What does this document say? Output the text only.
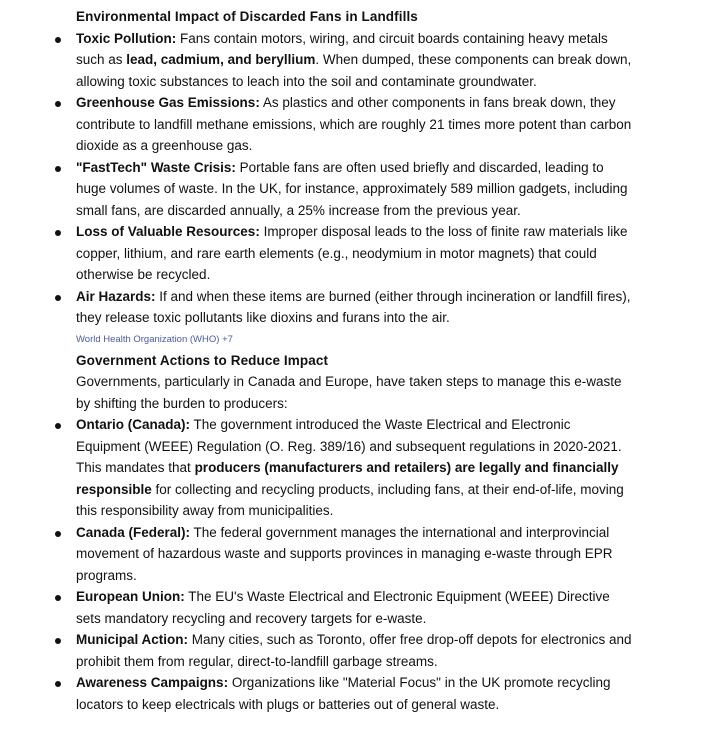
Environmental Impact of Discarded Fans in Landfills
Toxic Pollution: Fans contain motors, wiring, and circuit boards containing heavy metals such as lead, cadmium, and beryllium. When dumped, these components can break down, allowing toxic substances to leach into the soil and contaminate groundwater.
Greenhouse Gas Emissions: As plastics and other components in fans break down, they contribute to landfill methane emissions, which are roughly 21 times more potent than carbon dioxide as a greenhouse gas.
"FastTech" Waste Crisis: Portable fans are often used briefly and discarded, leading to huge volumes of waste. In the UK, for instance, approximately 589 million gadgets, including small fans, are discarded annually, a 25% increase from the previous year.
Loss of Valuable Resources: Improper disposal leads to the loss of finite raw materials like copper, lithium, and rare earth elements (e.g., neodymium in motor magnets) that could otherwise be recycled.
Air Hazards: If and when these items are burned (either through incineration or landfill fires), they release toxic pollutants like dioxins and furans into the air.
World Health Organization (WHO) +7
Government Actions to Reduce Impact
Governments, particularly in Canada and Europe, have taken steps to manage this e-waste by shifting the burden to producers:
Ontario (Canada): The government introduced the Waste Electrical and Electronic Equipment (WEEE) Regulation (O. Reg. 389/16) and subsequent regulations in 2020-2021. This mandates that producers (manufacturers and retailers) are legally and financially responsible for collecting and recycling products, including fans, at their end-of-life, moving this responsibility away from municipalities.
Canada (Federal): The federal government manages the international and interprovincial movement of hazardous waste and supports provinces in managing e-waste through EPR programs.
European Union: The EU's Waste Electrical and Electronic Equipment (WEEE) Directive sets mandatory recycling and recovery targets for e-waste.
Municipal Action: Many cities, such as Toronto, offer free drop-off depots for electronics and prohibit them from regular, direct-to-landfill garbage streams.
Awareness Campaigns: Organizations like "Material Focus" in the UK promote recycling locators to keep electricals with plugs or batteries out of general waste.
